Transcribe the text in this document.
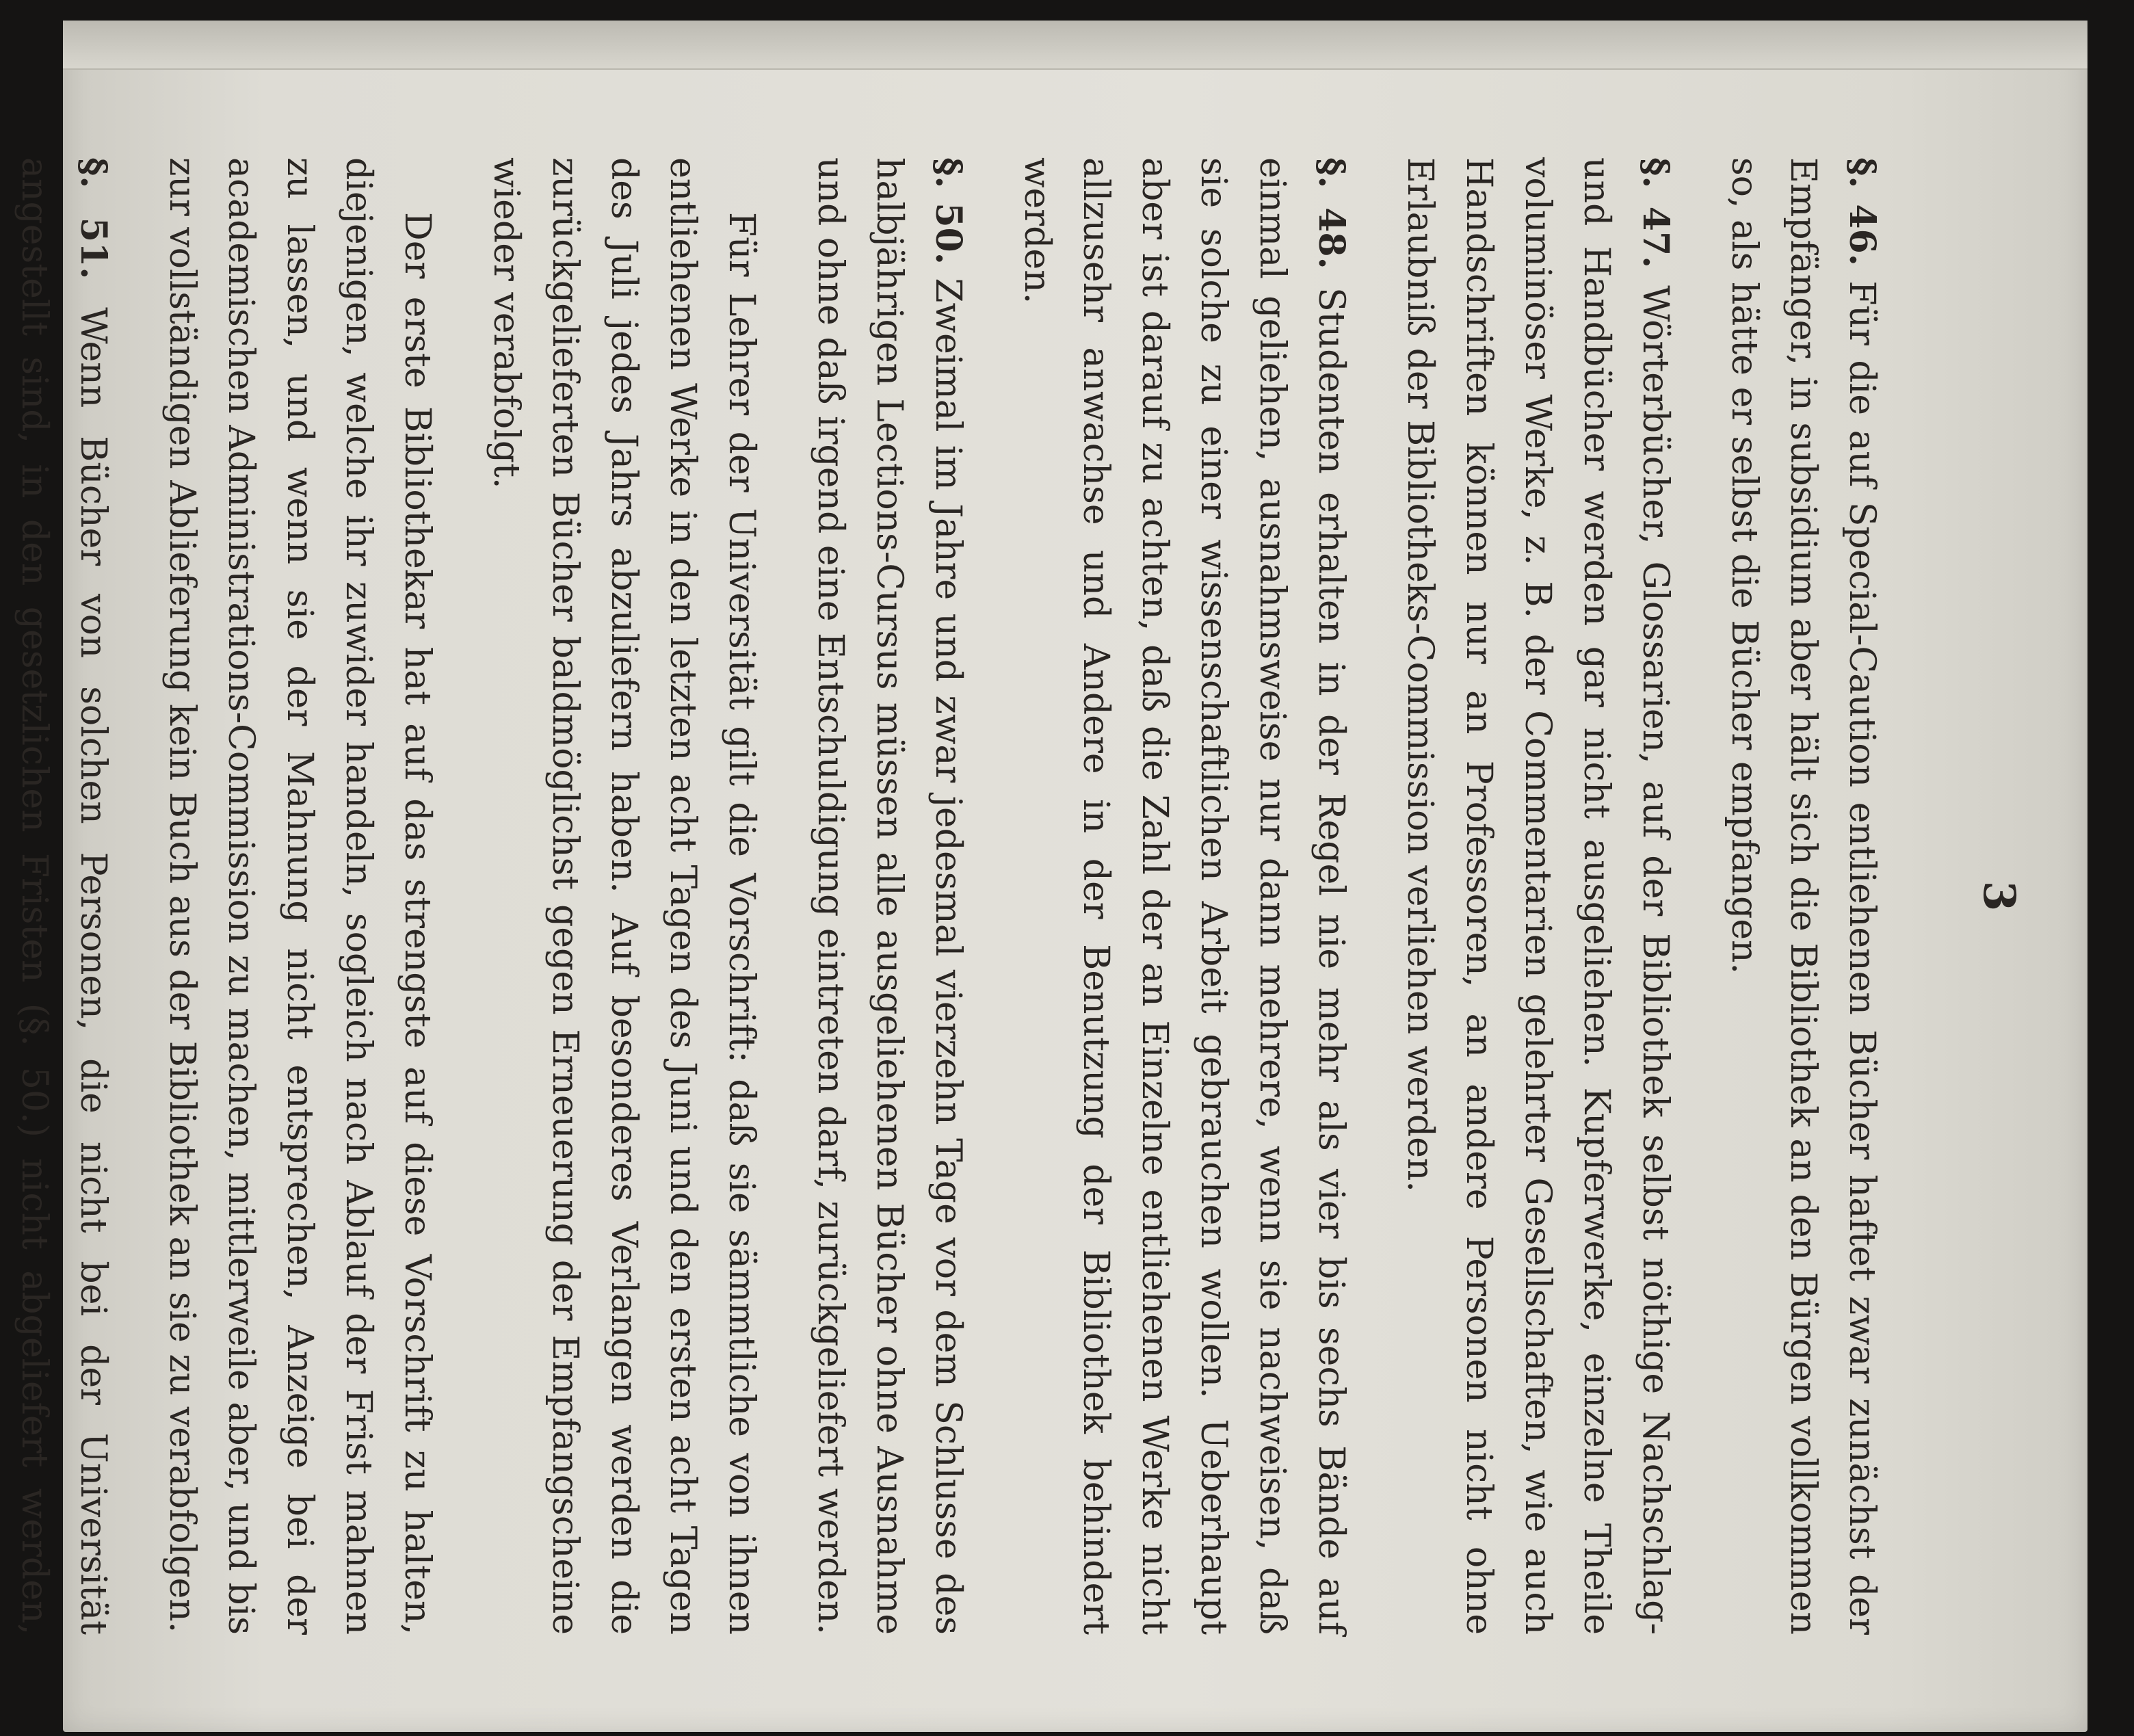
3

§. 46. Für die auf Special-Caution entliehenen Bücher haftet zwar zunächst der Empfänger, in subsidium aber hält sich die Bibliothek an den Bürgen vollkommen so, als hätte er selbst die Bücher empfangen.

§. 47. Wörterbücher, Glossarien, auf der Bibliothek selbst nöthige Nachschlag- und Handbücher werden gar nicht ausgeliehen. Kupferwerke, einzelne Theile voluminöser Werke, z. B. der Commentarien gelehrter Gesellschaften, wie auch Handschriften können nur an Professoren, an andere Personen nicht ohne Erlaubniß der Bibliotheks-Commission verliehen werden.

§. 48. Studenten erhalten in der Regel nie mehr als vier bis sechs Bände auf einmal geliehen, ausnahmsweise nur dann mehrere, wenn sie nachweisen, daß sie solche zu einer wissenschaftlichen Arbeit gebrauchen wollen. Ueberhaupt aber ist darauf zu achten, daß die Zahl der an Einzelne entliehenen Werke nicht allzusehr anwachse und Andere in der Benutzung der Bibliothek behindert werden.

§. 50. Zweimal im Jahre und zwar jedesmal vierzehn Tage vor dem Schlusse des halbjährigen Lections-Cursus müssen alle ausgeliehenen Bücher ohne Ausnahme und ohne daß irgend eine Entschuldigung eintreten darf, zurückgeliefert werden.

Für Lehrer der Universität gilt die Vorschrift: daß sie sämmtliche von ihnen entliehenen Werke in den letzten acht Tagen des Juni und den ersten acht Tagen des Juli jedes Jahrs abzuliefern haben. Auf besonderes Verlangen werden die zurückgelieferten Bücher baldmöglichst gegen Erneuerung der Empfangscheine wieder verabfolgt.

Der erste Bibliothekar hat auf das strengste auf diese Vorschrift zu halten, diejenigen, welche ihr zuwider handeln, sogleich nach Ablauf der Frist mahnen zu lassen, und wenn sie der Mahnung nicht entsprechen, Anzeige bei der academischen Administrations-Commission zu machen, mittlerweile aber, und bis zur vollständigen Ablieferung kein Buch aus der Bibliothek an sie zu verabfolgen.

§. 51. Wenn Bücher von solchen Personen, die nicht bei der Universität angestellt sind, in den gesetzlichen Fristen (§. 50.) nicht abgeliefert werden,
